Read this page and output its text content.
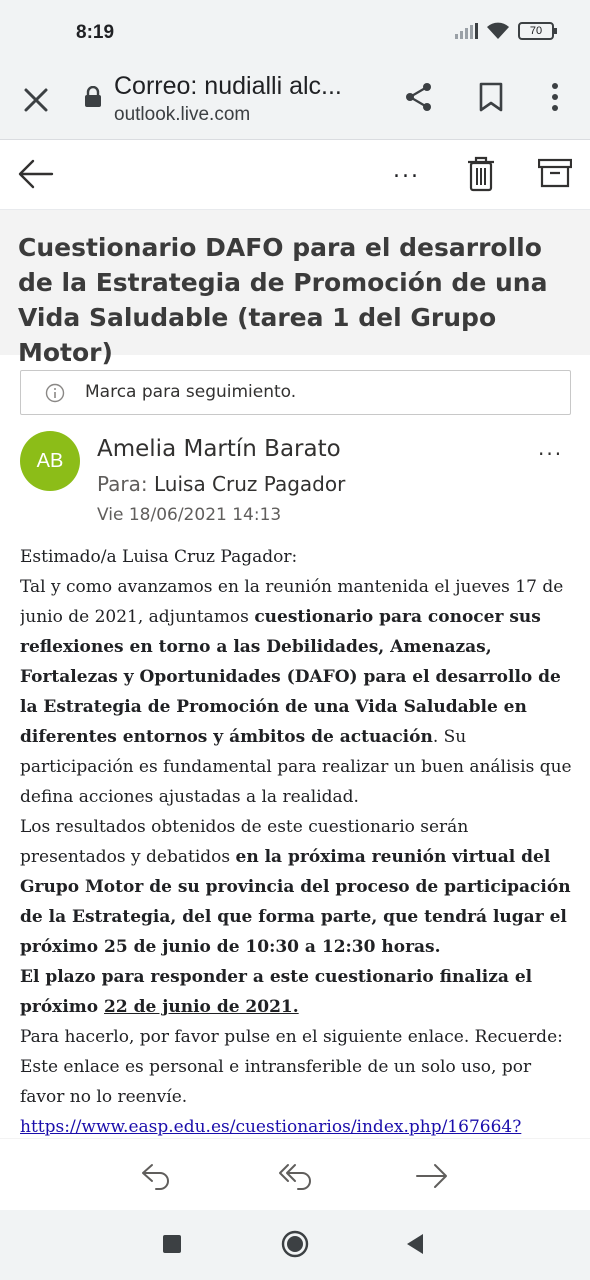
8:19	70
Correo: nudialli alc...
outlook.live.com
...
Cuestionario DAFO para el desarrollo de la Estrategia de Promoción de una Vida Saludable (tarea 1 del Grupo Motor)
Marca para seguimiento.
AB	Amelia Martín Barato
Para: Luisa Cruz Pagador
Vie 18/06/2021 14:13
...
Estimado/a Luisa Cruz Pagador:
Tal y como avanzamos en la reunión mantenida el jueves 17 de junio de 2021, adjuntamos cuestionario para conocer sus reflexiones en torno a las Debilidades, Amenazas, Fortalezas y Oportunidades (DAFO) para el desarrollo de la Estrategia de Promoción de una Vida Saludable en diferentes entornos y ámbitos de actuación. Su participación es fundamental para realizar un buen análisis que defina acciones ajustadas a la realidad.
Los resultados obtenidos de este cuestionario serán presentados y debatidos en la próxima reunión virtual del Grupo Motor de su provincia del proceso de participación de la Estrategia, del que forma parte, que tendrá lugar el próximo 25 de junio de 10:30 a 12:30 horas.
El plazo para responder a este cuestionario finaliza el próximo 22 de junio de 2021.
Para hacerlo, por favor pulse en el siguiente enlace. Recuerde: Este enlace es personal e intransferible de un solo uso, por favor no lo reenvíe.
https://www.easp.edu.es/cuestionarios/index.php/167664?
